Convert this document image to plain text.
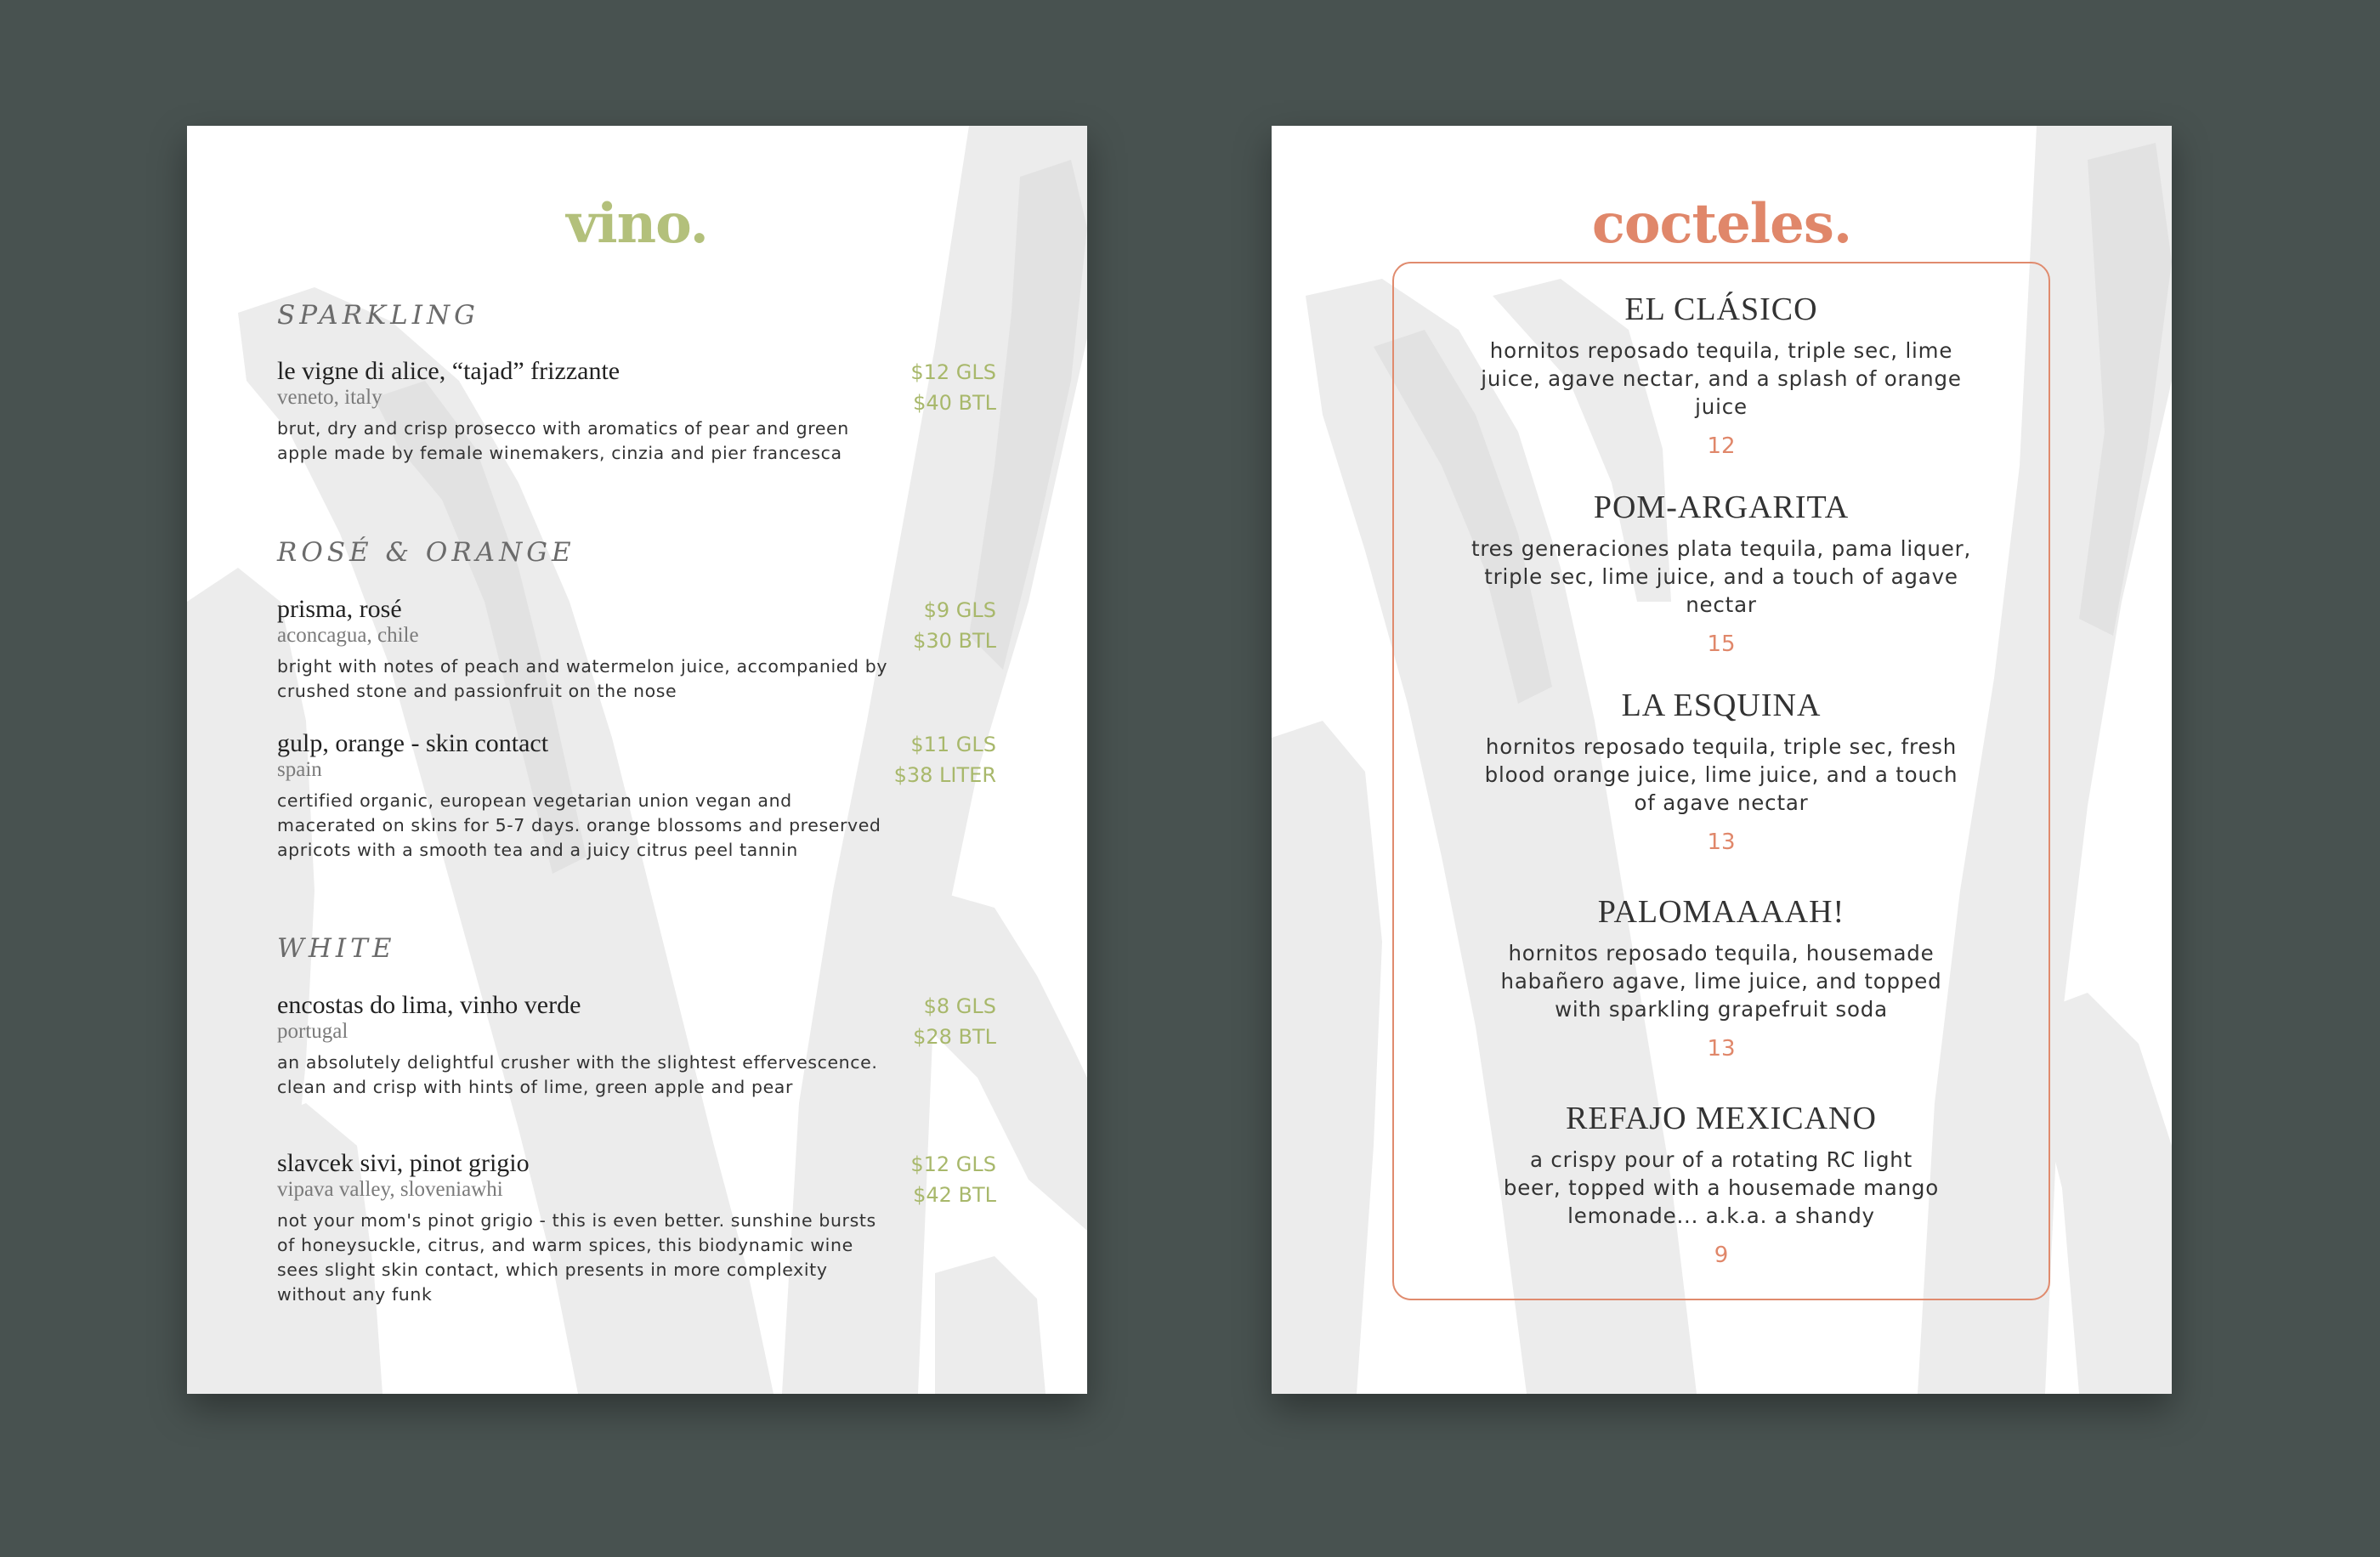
vino.
SPARKLING
le vigne di alice, “tajad” frizzante
veneto, italy
brut, dry and crisp prosecco with aromatics of pear and green apple made by female winemakers, cinzia and pier francesca
$12 GLS
$40 BTL
ROSÉ & ORANGE
prisma, rosé
aconcagua, chile
bright with notes of peach and watermelon juice, accompanied by crushed stone and passionfruit on the nose
$9 GLS
$30 BTL
gulp, orange - skin contact
spain
certified organic, european vegetarian union vegan and macerated on skins for 5-7 days. orange blossoms and preserved apricots with a smooth tea and a juicy citrus peel tannin
$11 GLS
$38 LITER
WHITE
encostas do lima, vinho verde
portugal
an absolutely delightful crusher with the slightest effervescence. clean and crisp with hints of lime, green apple and pear
$8 GLS
$28 BTL
slavcek sivi, pinot grigio
vipava valley, sloveniawhi
not your mom's pinot grigio - this is even better. sunshine bursts of honeysuckle, citrus, and warm spices, this biodynamic wine sees slight skin contact, which presents in more complexity without any funk
$12 GLS
$42 BTL
cocteles.
EL CLÁSICO
hornitos reposado tequila, triple sec, lime juice, agave nectar, and a splash of orange juice
12
POM-ARGARITA
tres generaciones plata tequila, pama liquer, triple sec, lime juice, and a touch of agave nectar
15
LA ESQUINA
hornitos reposado tequila, triple sec, fresh blood orange juice, lime juice, and a touch of agave nectar
13
PALOMAAAAH!
hornitos reposado tequila, housemade habañero agave, lime juice, and topped with sparkling grapefruit soda
13
REFAJO MEXICANO
a crispy pour of a rotating RC light beer, topped with a housemade mango lemonade... a.k.a. a shandy
9
